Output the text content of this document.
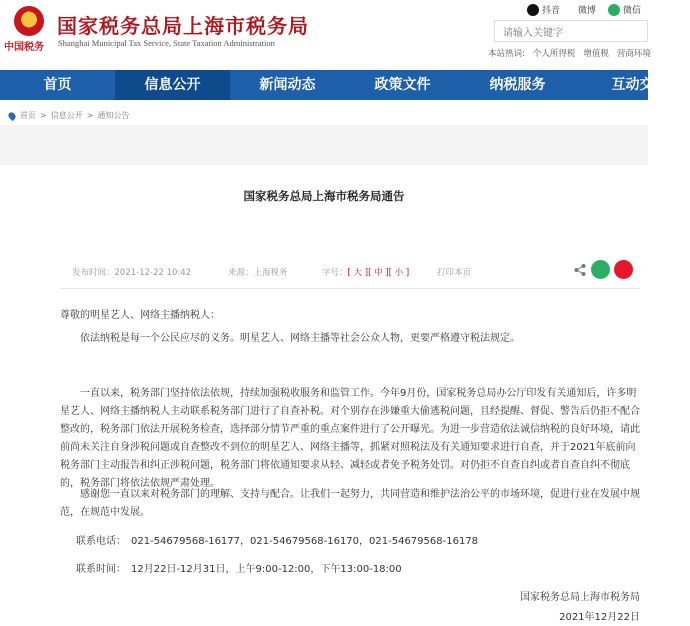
中国税务
国家税务总局上海市税务局
Shanghai Municipal Tax Service, State Taxation Administration
抖音 微博	微信
请输入关键字
本站热词: 个人所得税 增值税 营商环境
首页	信息公开	新闻动态	政策文件	纳税服务	互动交
首页 > 信息公开 > 通知公告
国家税务总局上海市税务局通告
发布时间：2021-12-22 10:42	来源：上海税务	字号：[ 大 ][ 中 ][ 小 ]	打印本页
尊敬的明星艺人、网络主播纳税人：
依法纳税是每一个公民应尽的义务。明星艺人、网络主播等社会公众人物，更要严格遵守税法规定。
一直以来，税务部门坚持依法依规，持续加强税收服务和监管工作。今年9月份，国家税务总局办公厅印发有关通知后，许多明星艺人、网络主播纳税人主动联系税务部门进行了自查补税。对个别存在涉嫌重大偷逃税问题，且经提醒、督促、警告后仍拒不配合整改的，税务部门依法开展税务检查，选择部分情节严重的重点案件进行了公开曝光。为进一步营造依法诚信纳税的良好环境，请此前尚未关注自身涉税问题或自查整改不到位的明星艺人、网络主播等，抓紧对照税法及有关通知要求进行自查，并于2021年底前向税务部门主动报告和纠正涉税问题，税务部门将依通知要求从轻、减轻或者免予税务处罚。对仍拒不自查自纠或者自查自纠不彻底的，税务部门将依法依规严肃处理。
感谢您一直以来对税务部门的理解、支持与配合。让我们一起努力，共同营造和维护法治公平的市场环境，促进行业在发展中规范，在规范中发展。
联系电话：　021-54679568-16177，021-54679568-16170，021-54679568-16178
联系时间：　12月22日-12月31日，上午9:00-12:00，下午13:00-18:00
国家税务总局上海市税务局
2021年12月22日
